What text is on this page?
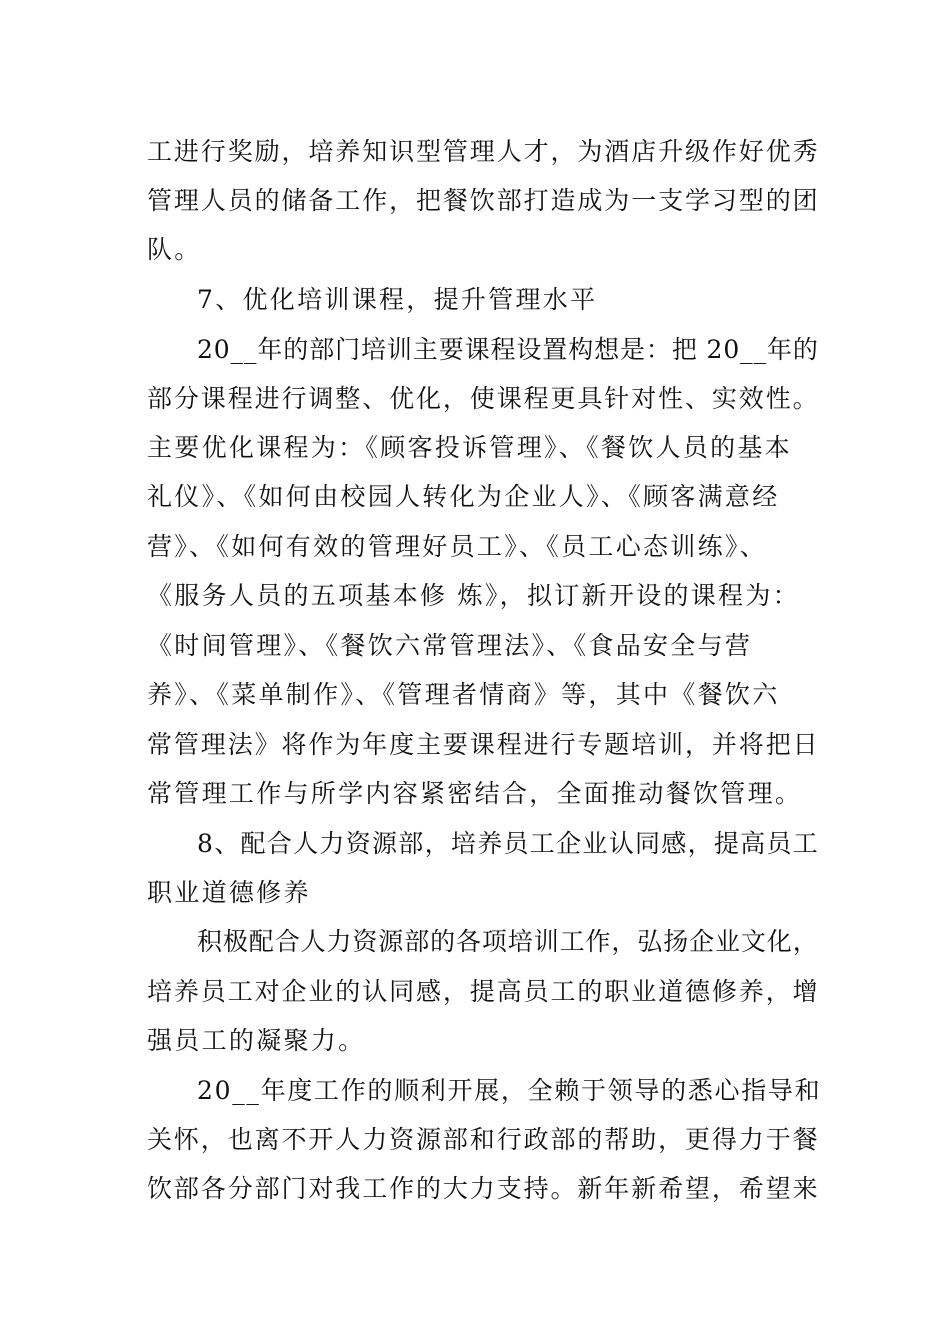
工进行奖励，培养知识型管理人才，为酒店升级作好优秀
管理人员的储备工作，把餐饮部打造成为一支学习型的团
队。
7、优化培训课程，提升管理水平
20__年的部门培训主要课程设置构想是：把 20__年的
部分课程进行调整、优化，使课程更具针对性、实效性。
主要优化课程为：《顾客投诉管理》、《餐饮人员的基本
礼仪》、《如何由校园人转化为企业人》、《顾客满意经
营》、《如何有效的管理好员工》、《员工心态训练》、
《服务人员的五项基本修 炼》，拟订新开设的课程为：
《时间管理》、《餐饮六常管理法》、《食品安全与营
养》、《菜单制作》、《管理者情商》等，其中《餐饮六
常管理法》将作为年度主要课程进行专题培训，并将把日
常管理工作与所学内容紧密结合，全面推动餐饮管理。
8、配合人力资源部，培养员工企业认同感，提高员工
职业道德修养
积极配合人力资源部的各项培训工作，弘扬企业文化，
培养员工对企业的认同感，提高员工的职业道德修养，增
强员工的凝聚力。
20__年度工作的顺利开展，全赖于领导的悉心指导和
关怀，也离不开人力资源部和行政部的帮助，更得力于餐
饮部各分部门对我工作的大力支持。新年新希望，希望来
